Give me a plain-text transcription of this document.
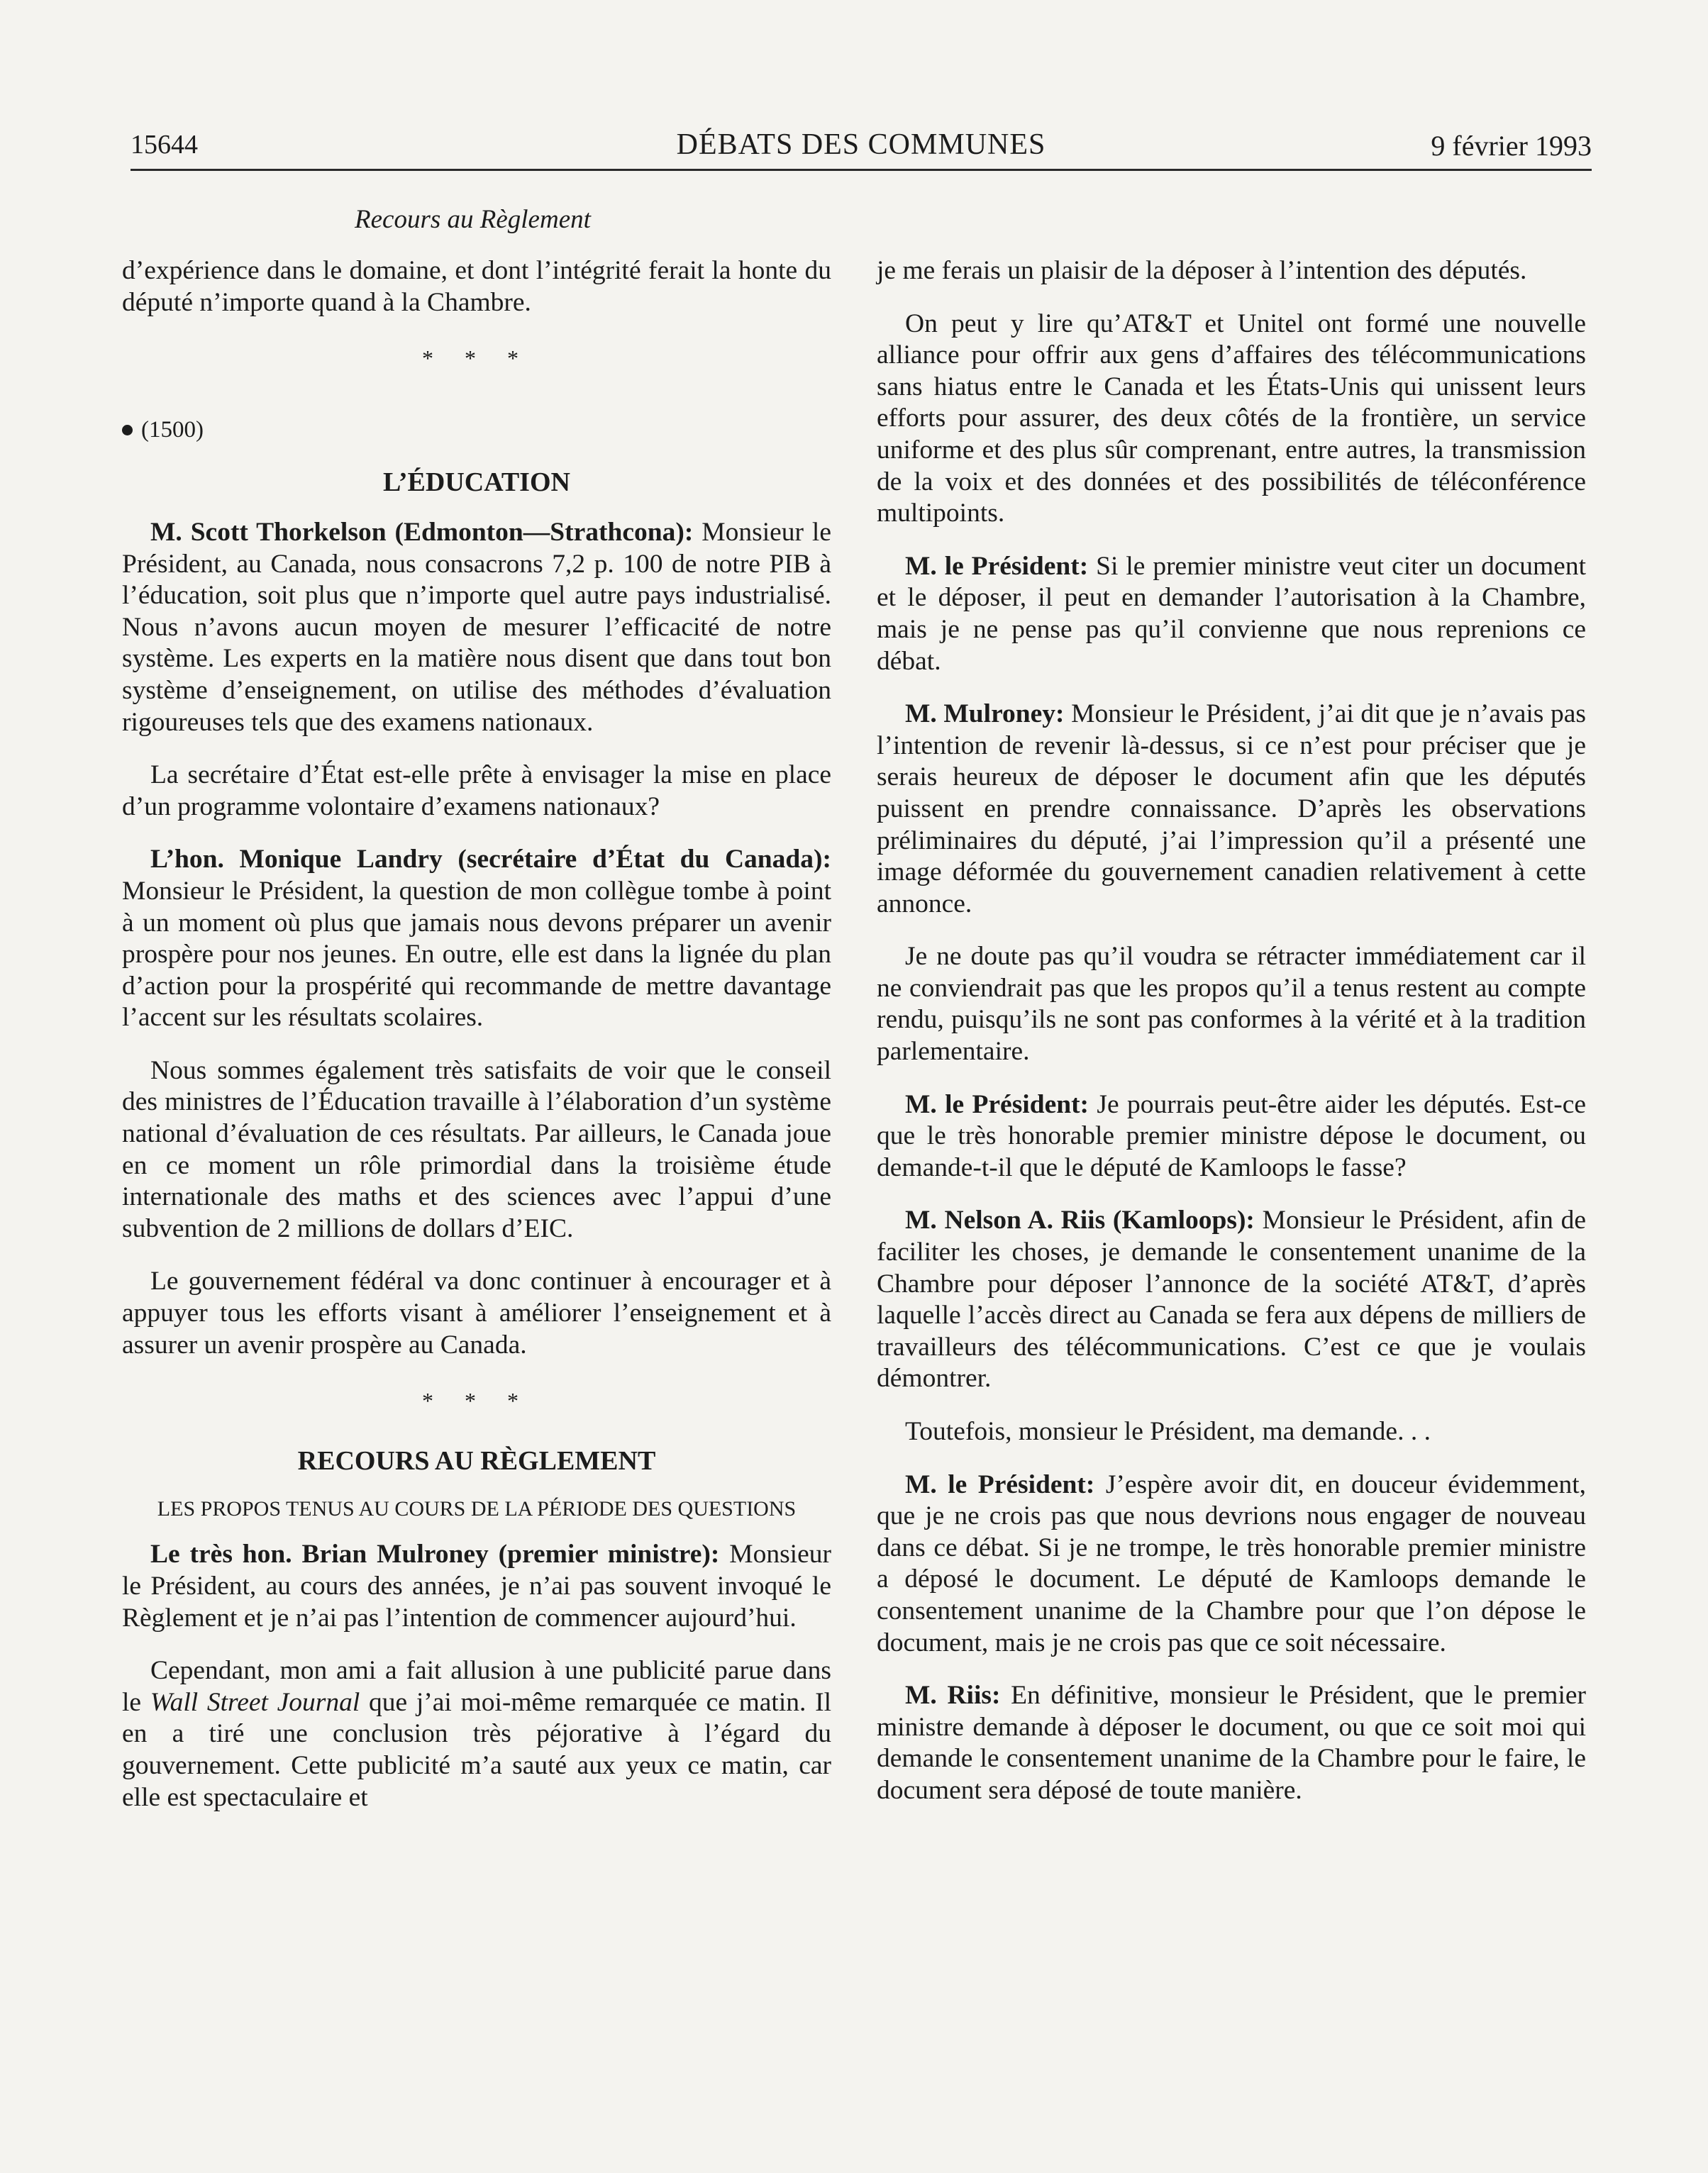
15644	DÉBATS DES COMMUNES	9 février 1993
Recours au Règlement

d’expérience dans le domaine, et dont l’intégrité ferait la honte du député n’importe quand à la Chambre.

* * *
(1500)
L’ÉDUCATION

M. Scott Thorkelson (Edmonton—Strathcona): Monsieur le Président, au Canada, nous consacrons 7,2 p. 100 de notre PIB à l’éducation, soit plus que n’importe quel autre pays industrialisé. Nous n’avons aucun moyen de mesurer l’efficacité de notre système. Les experts en la matière nous disent que dans tout bon système d’enseignement, on utilise des méthodes d’évaluation rigoureuses tels que des examens nationaux.

La secrétaire d’État est-elle prête à envisager la mise en place d’un programme volontaire d’examens nationaux?

L’hon. Monique Landry (secrétaire d’État du Canada): Monsieur le Président, la question de mon collègue tombe à point à un moment où plus que jamais nous devons préparer un avenir prospère pour nos jeunes. En outre, elle est dans la lignée du plan d’action pour la prospérité qui recommande de mettre davantage l’accent sur les résultats scolaires.

Nous sommes également très satisfaits de voir que le conseil des ministres de l’Éducation travaille à l’élaboration d’un système national d’évaluation de ces résultats. Par ailleurs, le Canada joue en ce moment un rôle primordial dans la troisième étude internationale des maths et des sciences avec l’appui d’une subvention de 2 millions de dollars d’EIC.

Le gouvernement fédéral va donc continuer à encourager et à appuyer tous les efforts visant à améliorer l’enseignement et à assurer un avenir prospère au Canada.

* * *
RECOURS AU RÈGLEMENT
LES PROPOS TENUS AU COURS DE LA PÉRIODE DES QUESTIONS

Le très hon. Brian Mulroney (premier ministre): Monsieur le Président, au cours des années, je n’ai pas souvent invoqué le Règlement et je n’ai pas l’intention de commencer aujourd’hui.

Cependant, mon ami a fait allusion à une publicité parue dans le Wall Street Journal que j’ai moi-même remarquée ce matin. Il en a tiré une conclusion très péjorative à l’égard du gouvernement. Cette publicité m’a sauté aux yeux ce matin, car elle est spectaculaire et

je me ferais un plaisir de la déposer à l’intention des députés.

On peut y lire qu’AT&T et Unitel ont formé une nouvelle alliance pour offrir aux gens d’affaires des télécommunications sans hiatus entre le Canada et les États-Unis qui unissent leurs efforts pour assurer, des deux côtés de la frontière, un service uniforme et des plus sûr comprenant, entre autres, la transmission de la voix et des données et des possibilités de téléconférence multipoints.

M. le Président: Si le premier ministre veut citer un document et le déposer, il peut en demander l’autorisation à la Chambre, mais je ne pense pas qu’il convienne que nous reprenions ce débat.

M. Mulroney: Monsieur le Président, j’ai dit que je n’avais pas l’intention de revenir là-dessus, si ce n’est pour préciser que je serais heureux de déposer le document afin que les députés puissent en prendre connaissance. D’après les observations préliminaires du député, j’ai l’impression qu’il a présenté une image déformée du gouvernement canadien relativement à cette annonce.

Je ne doute pas qu’il voudra se rétracter immédiatement car il ne conviendrait pas que les propos qu’il a tenus restent au compte rendu, puisqu’ils ne sont pas conformes à la vérité et à la tradition parlementaire.

M. le Président: Je pourrais peut-être aider les députés. Est-ce que le très honorable premier ministre dépose le document, ou demande-t-il que le député de Kamloops le fasse?

M. Nelson A. Riis (Kamloops): Monsieur le Président, afin de faciliter les choses, je demande le consentement unanime de la Chambre pour déposer l’annonce de la société AT&T, d’après laquelle l’accès direct au Canada se fera aux dépens de milliers de travailleurs des télécommunications. C’est ce que je voulais démontrer.

Toutefois, monsieur le Président, ma demande. . .

M. le Président: J’espère avoir dit, en douceur évidemment, que je ne crois pas que nous devrions nous engager de nouveau dans ce débat. Si je ne trompe, le très honorable premier ministre a déposé le document. Le député de Kamloops demande le consentement unanime de la Chambre pour que l’on dépose le document, mais je ne crois pas que ce soit nécessaire.

M. Riis: En définitive, monsieur le Président, que le premier ministre demande à déposer le document, ou que ce soit moi qui demande le consentement unanime de la Chambre pour le faire, le document sera déposé de toute manière.
